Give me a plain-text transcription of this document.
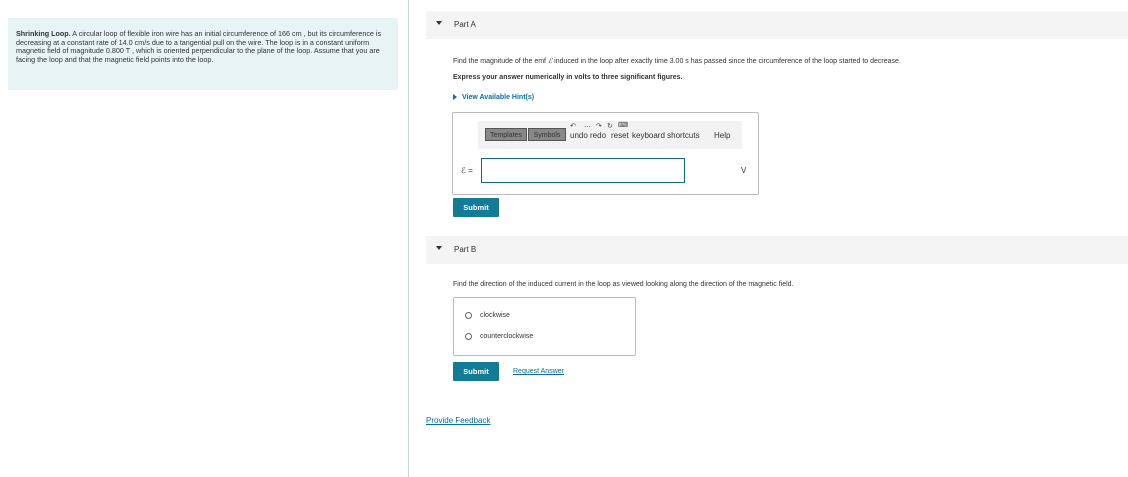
Shrinking Loop. A circular loop of flexible iron wire has an initial circumference of 166 cm , but its circumference is decreasing at a constant rate of 14.0 cm/s due to a tangential pull on the wire. The loop is in a constant uniform magnetic field of magnitude 0.800 T , which is oriented perpendicular to the plane of the loop. Assume that you are facing the loop and that the magnetic field points into the loop.
Part A
Find the magnitude of the emf ℰ induced in the loop after exactly time 3.00 s has passed since the circumference of the loop started to decrease.
Express your answer numerically in volts to three significant figures.
View Available Hint(s)
Templates	Symbols
↶ ⋯ ↷ ↻ ⌨
undo redo reset keyboard shortcuts Help
ℰ =	V
Submit
Part B
Find the direction of the induced current in the loop as viewed looking along the direction of the magnetic field.
clockwise
counterclockwise
Submit	Request Answer
Provide Feedback
